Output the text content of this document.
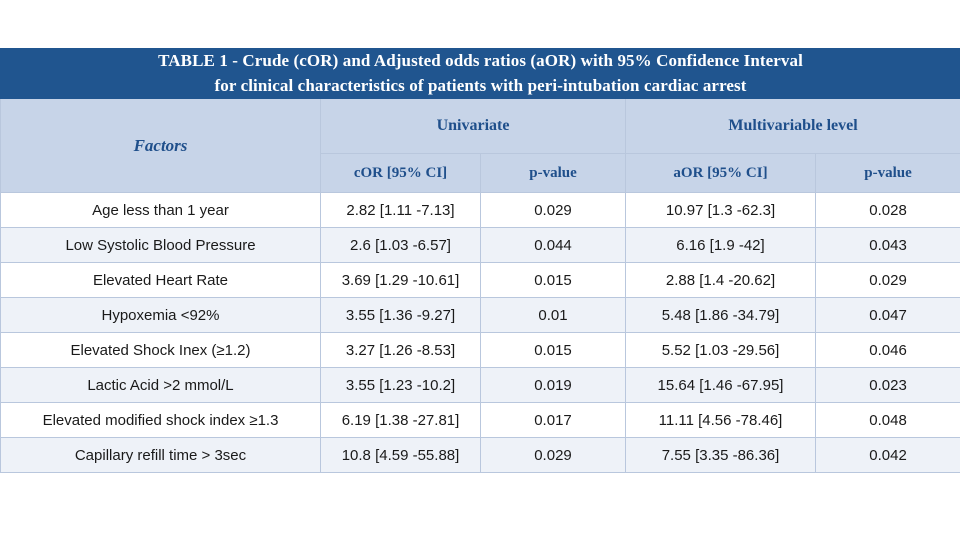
TABLE 1 - Crude (cOR) and Adjusted odds ratios (aOR) with 95% Confidence Interval
for clinical characteristics of patients with peri-intubation cardiac arrest				

Factors	Univariate		Multivariable level	
	cOR [95% CI]	p-value	aOR [95% CI]	p-value
Age less than 1 year	2.82 [1.11 -7.13]	0.029	10.97 [1.3 -62.3]	0.028
Low Systolic Blood Pressure	2.6 [1.03 -6.57]	0.044	6.16 [1.9 -42]	0.043
Elevated Heart Rate	3.69 [1.29 -10.61]	0.015	2.88 [1.4 -20.62]	0.029
Hypoxemia <92%	3.55 [1.36 -9.27]	0.01	5.48 [1.86 -34.79]	0.047
Elevated Shock Inex (≥1.2)	3.27 [1.26 -8.53]	0.015	5.52 [1.03 -29.56]	0.046
Lactic Acid >2 mmol/L	3.55 [1.23 -10.2]	0.019	15.64 [1.46 -67.95]	0.023
Elevated modified shock index ≥1.3	6.19 [1.38 -27.81]	0.017	11.11 [4.56 -78.46]	0.048
Capillary refill time > 3sec	10.8 [4.59 -55.88]	0.029	7.55 [3.35 -86.36]	0.042
